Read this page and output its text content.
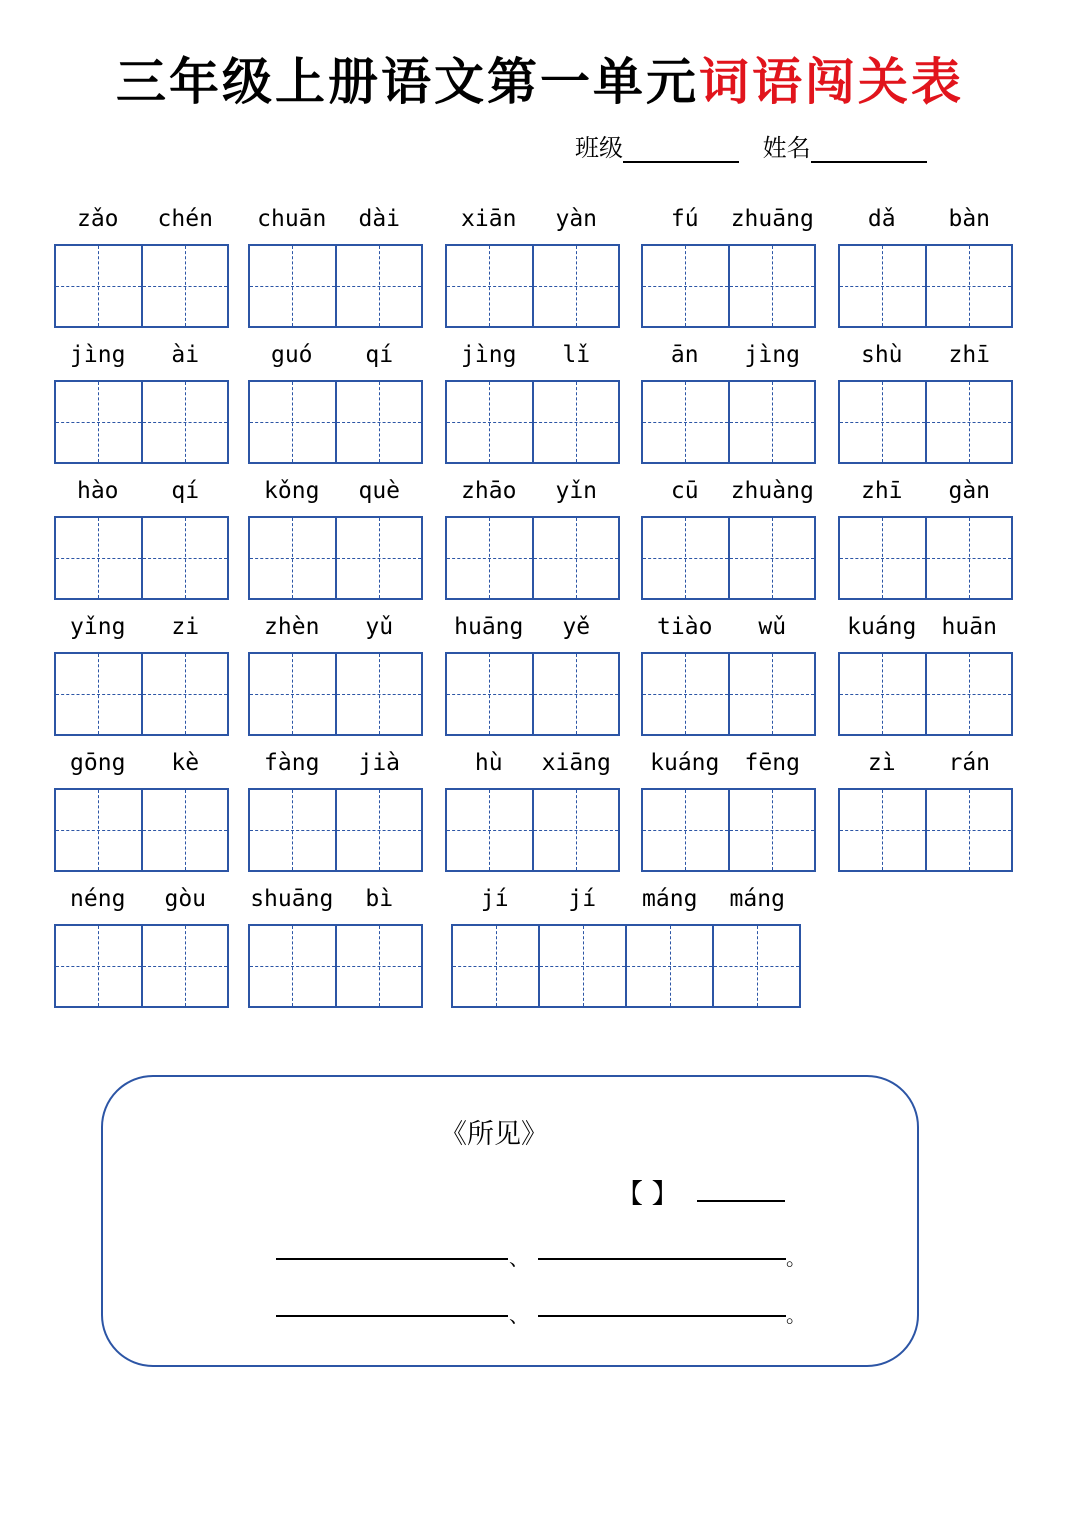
三年级上册语文第一单元词语闯关表
班级	姓名
zǎo	chén	chuān	dài	xiān	yàn	fú	zhuāng	dǎ	bàn
jìng	ài	guó	qí	jìng	lǐ	ān	jìng	shù	zhī
hào	qí	kǒng	què	zhāo	yǐn	cū	zhuàng	zhī	gàn
yǐng	zi	zhèn	yǔ	huāng	yě	tiào	wǔ	kuáng	huān
gōng	kè	fàng	jià	hù	xiāng	kuáng	fēng	zì	rán
néng	gòu	shuāng	bì	jí	jí	máng	máng
《所见》
【 】
、	。
、	。
